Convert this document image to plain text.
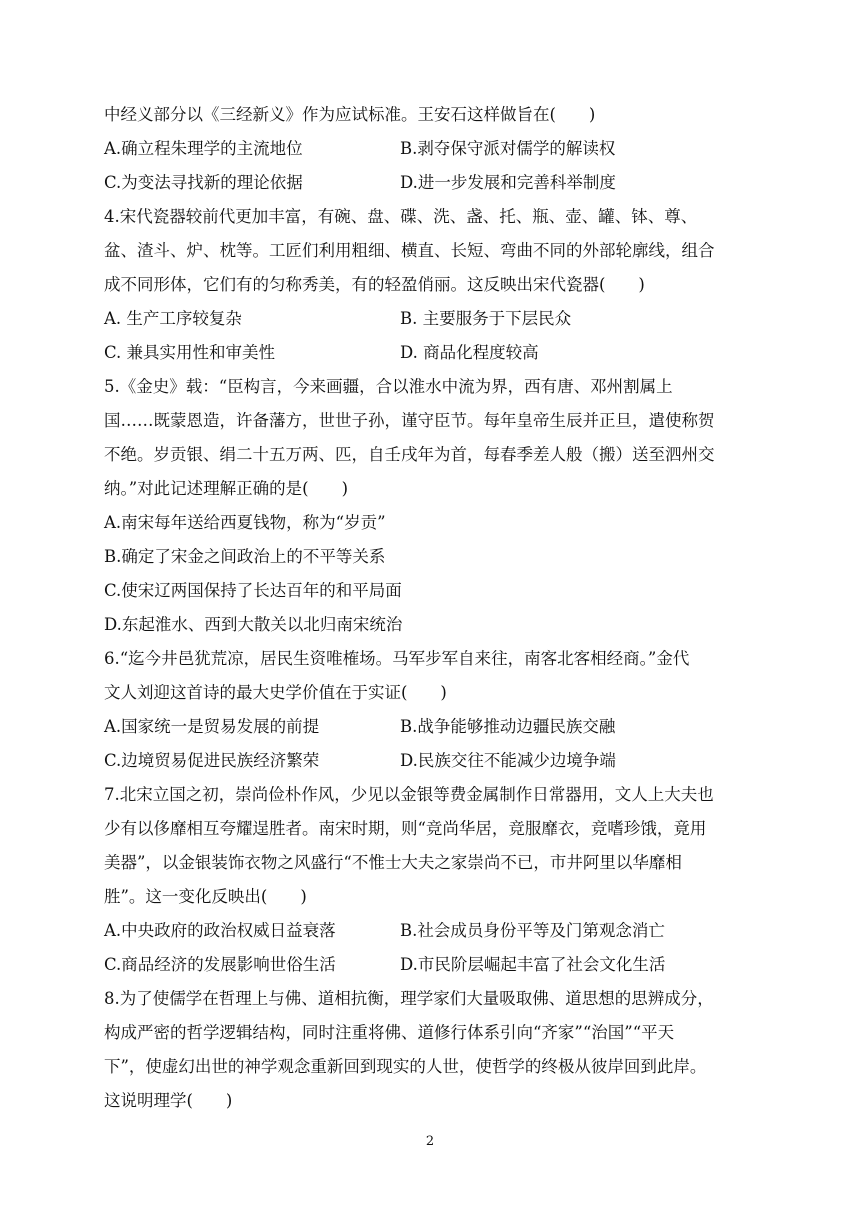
中经义部分以《三经新义》作为应试标准。王安石这样做旨在(　　)
A.确立程朱理学的主流地位	B.剥夺保守派对儒学的解读权
C.为变法寻找新的理论依据	D.进一步发展和完善科举制度
4.宋代瓷器较前代更加丰富，有碗、盘、碟、洗、盏、托、瓶、壶、罐、钵、尊、
盆、渣斗、炉、枕等。工匠们利用粗细、横直、长短、弯曲不同的外部轮廓线，组合
成不同形体，它们有的匀称秀美，有的轻盈俏丽。这反映出宋代瓷器(　　)
A. 生产工序较复杂	B. 主要服务于下层民众
C. 兼具实用性和审美性	D. 商品化程度较高
5.《金史》载：“臣构言，今来画疆，合以淮水中流为界，西有唐、邓州割属上
国……既蒙恩造，许备藩方，世世子孙，谨守臣节。每年皇帝生辰并正旦，遣使称贺
不绝。岁贡银、绢二十五万两、匹，自壬戌年为首，每春季差人般（搬）送至泗州交
纳。”对此记述理解正确的是(　　)
A.南宋每年送给西夏钱物，称为“岁贡”
B.确定了宋金之间政治上的不平等关系
C.使宋辽两国保持了长达百年的和平局面
D.东起淮水、西到大散关以北归南宋统治
6.“迄今井邑犹荒凉，居民生资唯榷场。马军步军自来往，南客北客相经商。”金代
文人刘迎这首诗的最大史学价值在于实证(　　)
A.国家统一是贸易发展的前提	B.战争能够推动边疆民族交融
C.边境贸易促进民族经济繁荣	D.民族交往不能减少边境争端
7.北宋立国之初，崇尚俭朴作风，少见以金银等费金属制作日常器用，文人上大夫也
少有以侈靡相互夸耀逞胜者。南宋时期，则“竞尚华居，竞服靡衣，竞嗜珍饿，竟用
美器”，以金银装饰衣物之风盛行“不惟士大夫之家崇尚不已，市井阿里以华靡相
胜”。这一变化反映出(　　)
A.中央政府的政治权威日益衰落	B.社会成员身份平等及门第观念消亡
C.商品经济的发展影响世俗生活	D.市民阶层崛起丰富了社会文化生活
8.为了使儒学在哲理上与佛、道相抗衡，理学家们大量吸取佛、道思想的思辨成分，
构成严密的哲学逻辑结构，同时注重将佛、道修行体系引向“齐家”“治国”“平天
下”，使虚幻出世的神学观念重新回到现实的人世，使哲学的终极从彼岸回到此岸。
这说明理学(　　)
2
